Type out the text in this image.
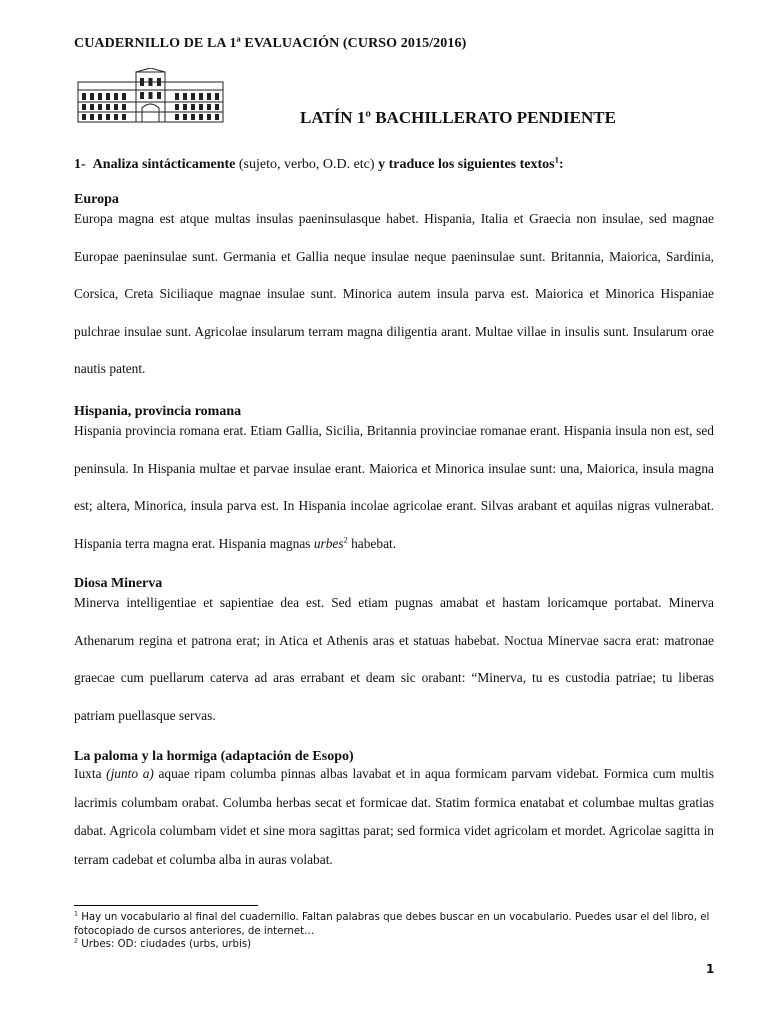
CUADERNILLO DE LA 1ª EVALUACIÓN (CURSO 2015/2016)
LATÍN 1º BACHILLERATO PENDIENTE
1- Analiza sintácticamente (sujeto, verbo, O.D. etc) y traduce los siguientes textos$^1$:
Europa
Europa magna est atque multas insulas paeninsulasque habet. Hispania, Italia et Graecia non insulae, sed magnae Europae paeninsulae sunt. Germania et Gallia neque insulae neque paeninsulae sunt. Britannia, Maiorica, Sardinia, Corsica, Creta Siciliaque magnae insulae sunt. Minorica autem insula parva est. Maiorica et Minorica Hispaniae pulchrae insulae sunt. Agricolae insularum terram magna diligentia arant. Multae villae in insulis sunt. Insularum orae nautis patent.
Hispania, provincia romana
Hispania provincia romana erat. Etiam Gallia, Sicilia, Britannia provinciae romanae erant. Hispania insula non est, sed peninsula. In Hispania multae et parvae insulae erant. Maiorica et Minorica insulae sunt: una, Maiorica, insula magna est; altera, Minorica, insula parva est. In Hispania incolae agricolae erant. Silvas arabant et aquilas nigras vulnerabat. Hispania terra magna erat. Hispania magnas urbes$^2$ habebat.
Diosa Minerva
Minerva intelligentiae et sapientiae dea est. Sed etiam pugnas amabat et hastam loricamque portabat. Minerva Athenarum regina et patrona erat; in Atica et Athenis aras et statuas habebat. Noctua Minervae sacra erat: matronae graecae cum puellarum caterva ad aras errabant et deam sic orabant: “Minerva, tu es custodia patriae; tu liberas patriam puellasque servas.
La paloma y la hormiga (adaptación de Esopo)
Iuxta (junto a) aquae ripam columba pinnas albas lavabat et in aqua formicam parvam videbat. Formica cum multis lacrimis columbam orabat. Columba herbas secat et formicae dat. Statim formica enatabat et columbae multas gratias dabat. Agricola columbam videt et sine mora sagittas parat; sed formica videt agricolam et mordet. Agricolae sagitta in terram cadebat et columba alba in auras volabat.
$^1$ Hay un vocabulario al final del cuadernillo. Faltan palabras que debes buscar en un vocabulario. Puedes usar el del libro, el fotocopiado de cursos anteriores, de internet…
$^2$ Urbes: OD: ciudades (urbs, urbis)
1
